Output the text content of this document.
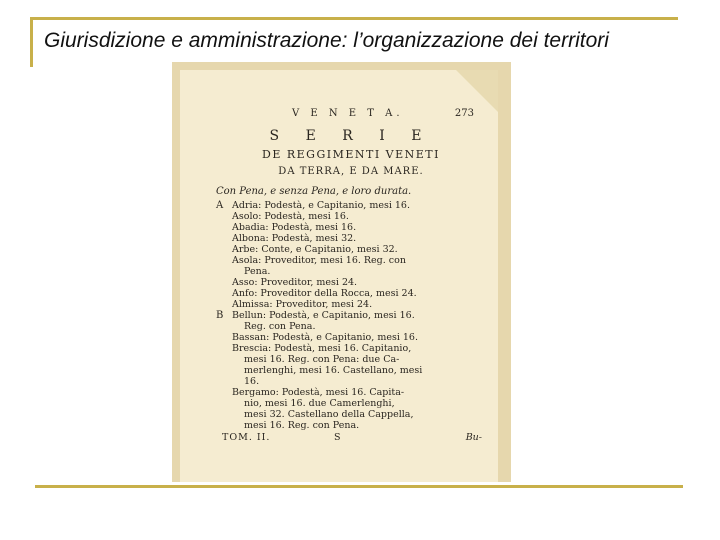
Giurisdizione e amministrazione: l’organizzazione dei territori
V E N E T A.	273
S E R I E
DE REGGIMENTI VENETI
DA TERRA, E DA MARE.
Con Pena, e senza Pena, e loro durata.
A Adria: Podestà, e Capitanio, mesi 16.
Asolo: Podestà, mesi 16.
Abadia: Podestà, mesi 16.
Albona: Podestà, mesi 32.
Arbe: Conte, e Capitanio, mesi 32.
Asola: Proveditor, mesi 16. Reg. con
Pena.
Asso: Proveditor, mesi 24.
Anfo: Proveditor della Rocca, mesi 24.
Almissa: Proveditor, mesi 24.
B Bellun: Podestà, e Capitanio, mesi 16.
Reg. con Pena.
Bassan: Podestà, e Capitanio, mesi 16.
Brescia: Podestà, mesi 16. Capitanio,
mesi 16. Reg. con Pena: due Ca-
merlenghi, mesi 16. Castellano, mesi
16.
Bergamo: Podestà, mesi 16. Capita-
nio, mesi 16. due Camerlenghi,
mesi 32. Castellano della Cappella,
mesi 16. Reg. con Pena.
TOM. II.	S	Bu-
